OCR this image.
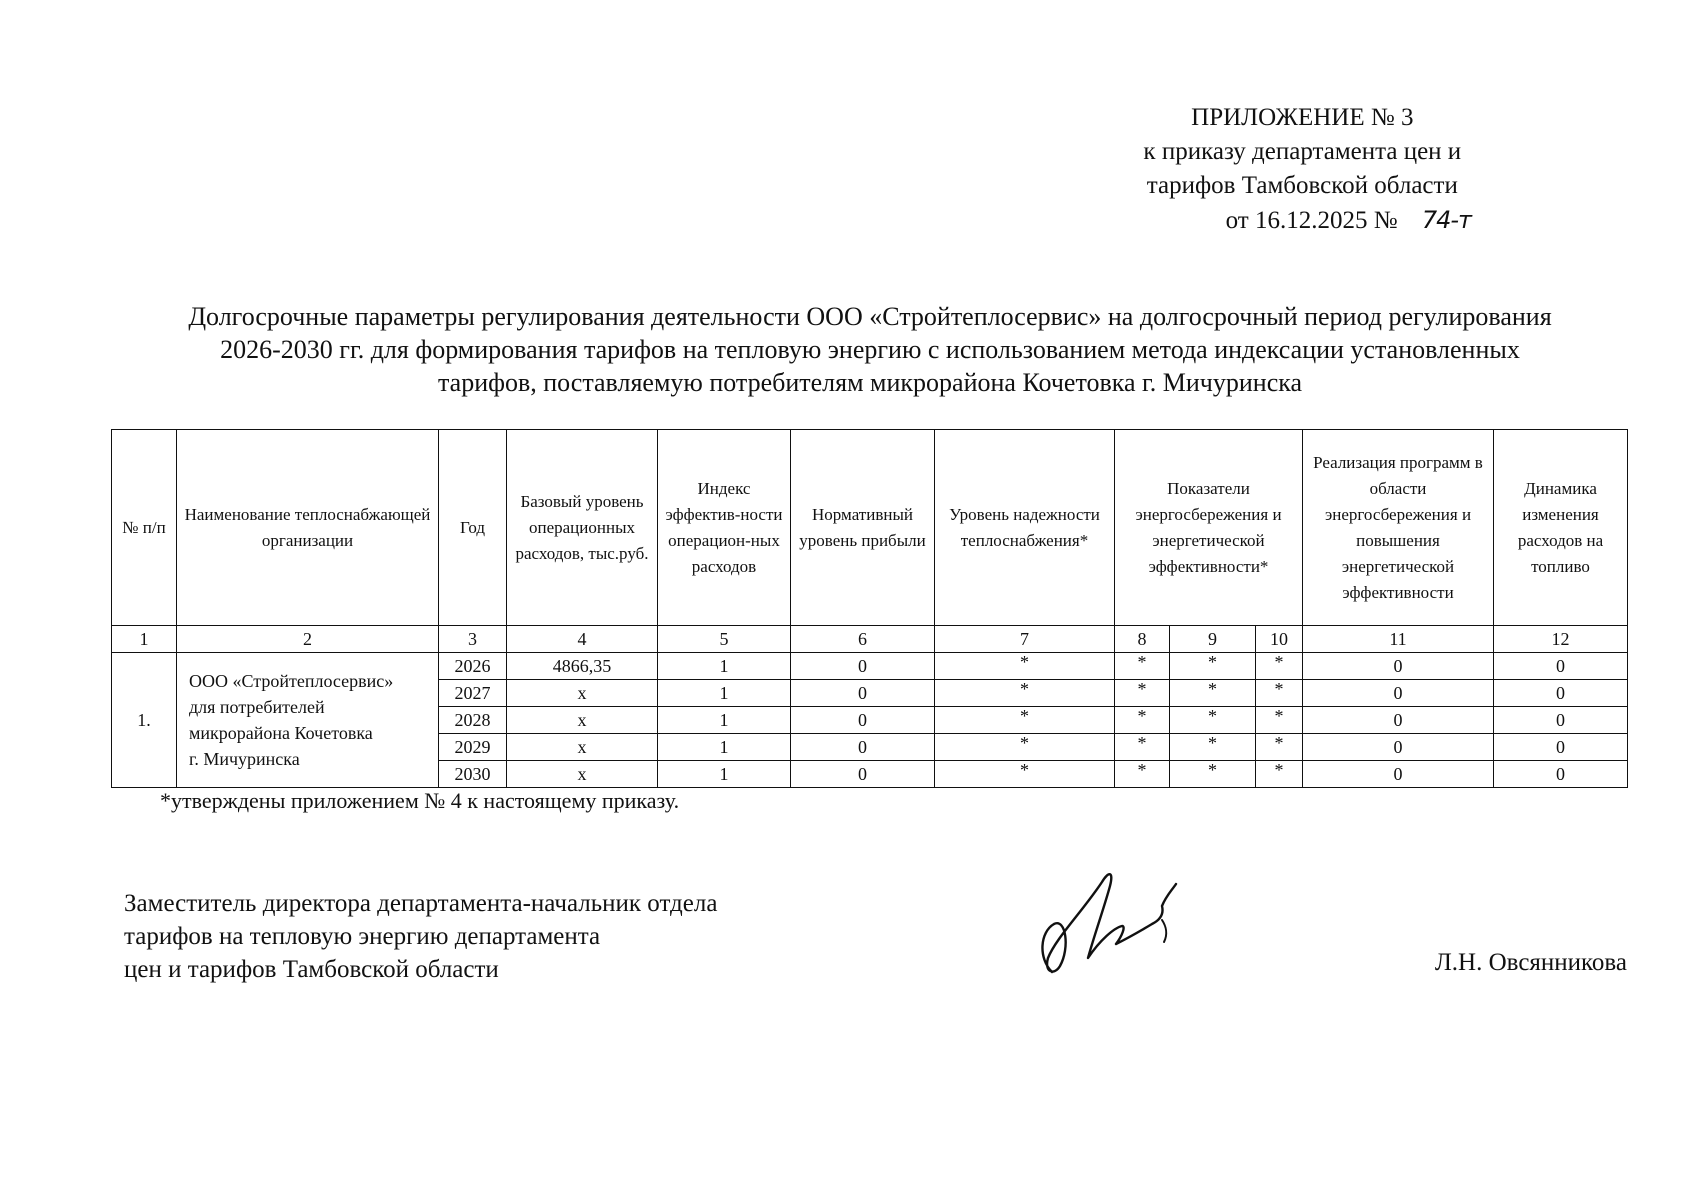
ПРИЛОЖЕНИЕ № 3
к приказу департамента цен и
тарифов Тамбовской области
от 16.12.2025 № 74-т
Долгосрочные параметры регулирования деятельности ООО «Стройтеплосервис» на долгосрочный период регулирования
2026-2030 гг. для формирования тарифов на тепловую энергию с использованием метода индексации установленных
тарифов, поставляемую потребителям микрорайона Кочетовка г. Мичуринска
№ п/п	Наименование теплоснабжающей организации	Год	Базовый уровень операционных расходов, тыс.руб.	Индекс эффектив-ности операцион-ных расходов	Нормативный уровень прибыли	Уровень надежности теплоснабжения*	Показатели энергосбережения и энергетической эффективности*			Реализация программ в области энергосбережения и повышения энергетической эффективности	Динамика изменения расходов на топливо
1	2	3	4	5	6	7	8	9	10	11	12
1.	ООО «Стройтеплосервис»
для потребителей
микрорайона Кочетовка
г. Мичуринска	2026	4866,35	1	0	*	*	*	*	0	0
		2027	х	1	0	*	*	*	*	0	0
		2028	х	1	0	*	*	*	*	0	0
		2029	х	1	0	*	*	*	*	0	0
		2030	х	1	0	*	*	*	*	0	0
*утверждены приложением № 4 к настоящему приказу.
Заместитель директора департамента-начальник отдела
тарифов на тепловую энергию департамента
цен и тарифов Тамбовской области	Л.Н. Овсянникова
